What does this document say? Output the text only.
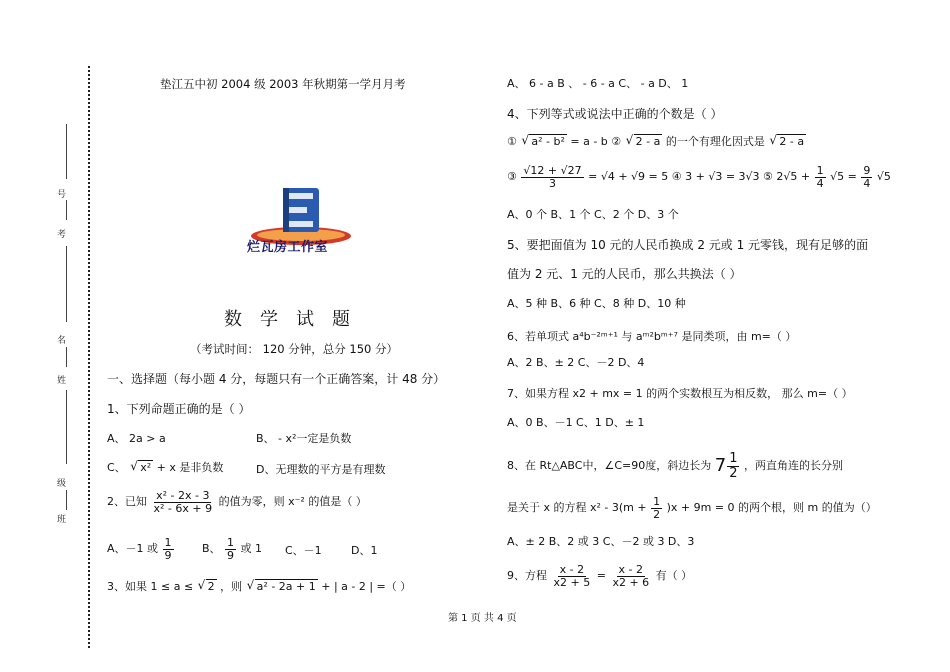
号
考
名
姓
级
班
垫江五中初 2004 级 2003 年秋期第一学月月考
烂瓦房工作室
数学试题
（考试时间： 120 分钟，总分 150 分）
一、选择题（每小题 4 分，每题只有一个正确答案，计 48 分）
1、下列命题正确的是（ ）
A、 2a > a	B、 - x²一定是负数
C、 √ x² + x 是非负数	D、无理数的平方是有理数
2、已知 $\frac{\text{x² - 2x - 3}}{\text{x² - 6x + 9}}$ 的值为零，则 x⁻² 的值是（ ）
A、－1 或 $\frac{1}{9}$	B、 $\frac{1}{9}$ 或 1 C、－1	D、1
3、如果 1 ≤ a ≤ √ 2 ，则 √ a² - 2a + 1 + | a - 2 | =（ ）
A、 6 - a B 、 - 6 - a C、 - a D、 1
4、下列等式或说法中正确的个数是（ ）
① √ a² - b² = a - b ② √ 2 - a 的一个有理化因式是 √ 2 - a
③ $\frac{√12 + √27}{3} = √4 + √9 = 5$ ④ 3 + √3 = 3√3 ⑤ $2√5 + \frac{1}{4} √5 = \frac{9}{4} √5$
A、0 个 B、1 个 C、2 个 D、3 个
5、要把面值为 10 元的人民币换成 2 元或 1 元零钱，现有足够的面
值为 2 元、1 元的人民币，那么共换法（ ）
A、5 种 B、6 种 C、8 种 D、10 种
6、若单项式 a⁴b⁻²ᵐ⁺¹ 与 aᵐ²bᵐ⁺⁷ 是同类项，由 m=（ ）
A、2 B、± 2 C、－2 D、4
7、如果方程 x2 + mx = 1 的两个实数根互为相反数， 那么 m=（ ）
A、0 B、－1 C、1 D、± 1
8、在 Rt△ABC中，∠C=90度，斜边长为 $7 \frac{1}{2}$ ，两直角连的长分别
是关于 x 的方程 $x^2 - 3(m + \frac{1}{2} )x + 9m = 0$ 的两个根，则 m 的值为（）
A、± 2 B、2 或 3 C、－2 或 3 D、3
9、方程 $\frac{x - 2}{x2 + 5} = \frac{x - 2}{x2 + 6}$ 有（ ）
第 1 页 共 4 页
